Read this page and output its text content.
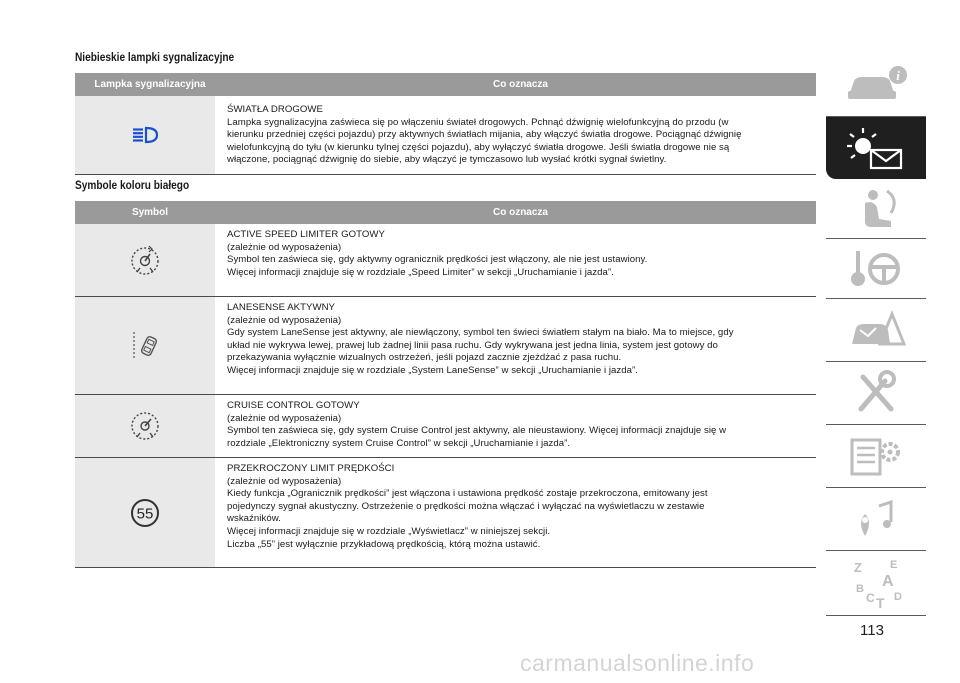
Niebieskie lampki sygnalizacyjne

Lampka sygnalizacyjna	Co oznacza
ŚWIATŁA DROGOWE
Lampka sygnalizacyjna zaświeca się po włączeniu świateł drogowych. Pchnąć dźwignię wielofunkcyjną do przodu (w
kierunku przedniej części pojazdu) przy aktywnych światłach mijania, aby włączyć światła drogowe. Pociągnąć dźwignię
wielofunkcyjną do tyłu (w kierunku tylnej części pojazdu), aby wyłączyć światła drogowe. Jeśli światła drogowe nie są
włączone, pociągnąć dźwignię do siebie, aby włączyć je tymczasowo lub wysłać krótki sygnał świetlny.

Symbole koloru białego

Symbol	Co oznacza
ACTIVE SPEED LIMITER GOTOWY
(zależnie od wyposażenia)
Symbol ten zaświeca się, gdy aktywny ogranicznik prędkości jest włączony, ale nie jest ustawiony.
Więcej informacji znajduje się w rozdziale „Speed Limiter” w sekcji „Uruchamianie i jazda”.
LANESENSE AKTYWNY
(zależnie od wyposażenia)
Gdy system LaneSense jest aktywny, ale niewłączony, symbol ten świeci światłem stałym na biało. Ma to miejsce, gdy
układ nie wykrywa lewej, prawej lub żadnej linii pasa ruchu. Gdy wykrywana jest jedna linia, system jest gotowy do
przekazywania wyłącznie wizualnych ostrzeżeń, jeśli pojazd zacznie zjeżdżać z pasa ruchu.
Więcej informacji znajduje się w rozdziale „System LaneSense” w sekcji „Uruchamianie i jazda”.
CRUISE CONTROL GOTOWY
(zależnie od wyposażenia)
Symbol ten zaświeca się, gdy system Cruise Control jest aktywny, ale nieustawiony. Więcej informacji znajduje się w
rozdziale „Elektroniczny system Cruise Control” w sekcji „Uruchamianie i jazda”.
55
PRZEKROCZONY LIMIT PRĘDKOŚCI
(zależnie od wyposażenia)
Kiedy funkcja „Ogranicznik prędkości” jest włączona i ustawiona prędkość zostaje przekroczona, emitowany jest
pojedynczy sygnał akustyczny. Ostrzeżenie o prędkości można włączać i wyłączać na wyświetlaczu w zestawie
wskaźników.
Więcej informacji znajduje się w rozdziale „Wyświetlacz” w niniejszej sekcji.
Liczba „55” jest wyłącznie przykładową prędkością, którą można ustawić.
i
Z	E
B A
C T D
113
carmanualsonline.info
